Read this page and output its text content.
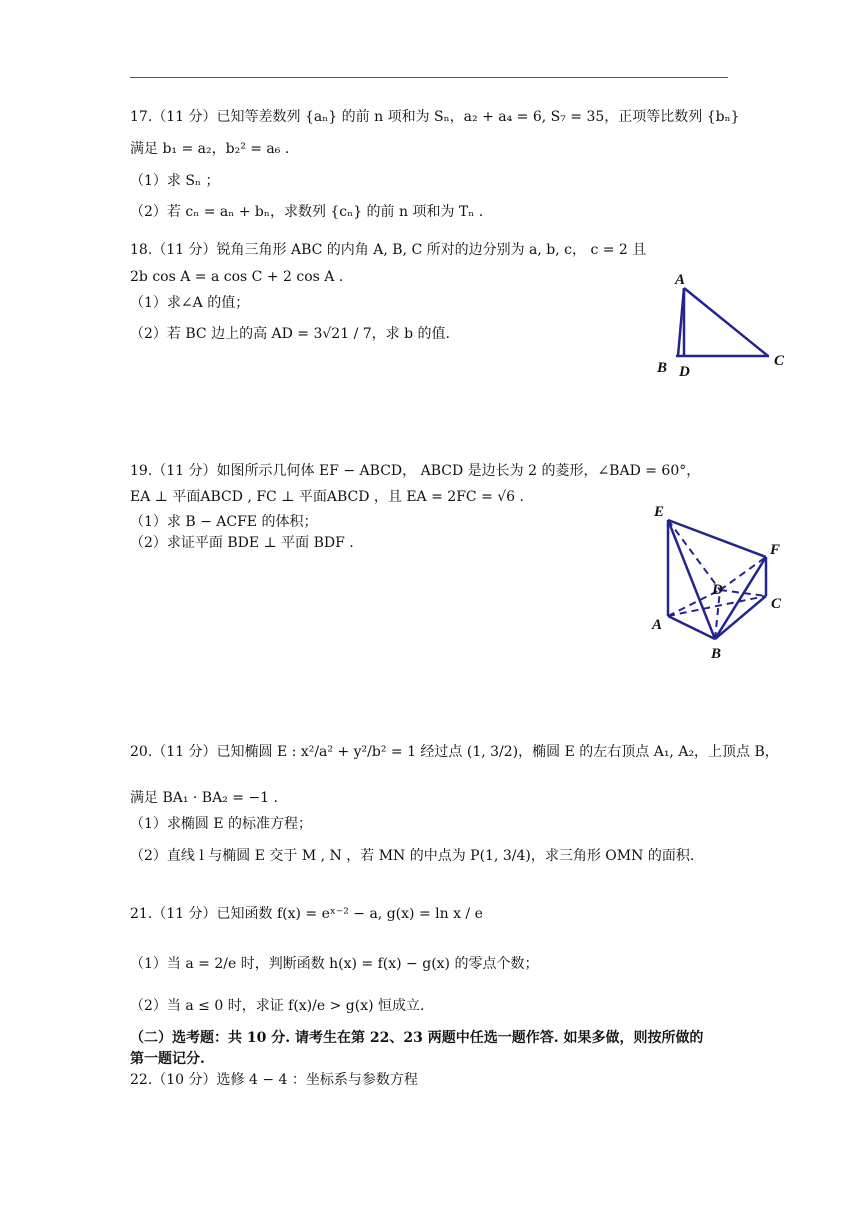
17.（11 分）已知等差数列 {aₙ} 的前 n 项和为 Sₙ，a₂ + a₄ = 6, S₇ = 35，正项等比数列 {bₙ}
满足 b₁ = a₂，b₂² = a₆ .
（1）求 Sₙ ；
（2）若 cₙ = aₙ + bₙ，求数列 {cₙ} 的前 n 项和为 Tₙ .
18.（11 分）锐角三角形 ABC 的内角 A, B, C 所对的边分别为 a, b, c， c = 2 且
2b cos A = a cos C + 2 cos A .
（1）求∠A 的值；
（2）若 BC 边上的高 AD = 3√21 / 7，求 b 的值.
A
B D
C
19.（11 分）如图所示几何体 EF − ABCD， ABCD 是边长为 2 的菱形，∠BAD = 60°，
EA ⊥ 平面ABCD , FC ⊥ 平面ABCD ，且 EA = 2FC = √6 .
（1）求 B − ACFE 的体积；
（2）求证平面 BDE ⊥ 平面 BDF .
E
F
D
C
A
B
20.（11 分）已知椭圆 E : x²/a² + y²/b² = 1 经过点 (1, 3/2)，椭圆 E 的左右顶点 A₁, A₂，上顶点 B，
满足 BA₁ · BA₂ = −1 .
（1）求椭圆 E 的标准方程；
（2）直线 l 与椭圆 E 交于 M , N ，若 MN 的中点为 P(1, 3/4)，求三角形 OMN 的面积.
21.（11 分）已知函数 f(x) = eˣ⁻² − a, g(x) = ln x / e
（1）当 a = 2/e 时，判断函数 h(x) = f(x) − g(x) 的零点个数；
（2）当 a ≤ 0 时，求证 f(x)/e > g(x) 恒成立.
（二）选考题：共 10 分. 请考生在第 22、23 两题中任选一题作答. 如果多做，则按所做的
第一题记分.
22.（10 分）选修 4 − 4 ：坐标系与参数方程
